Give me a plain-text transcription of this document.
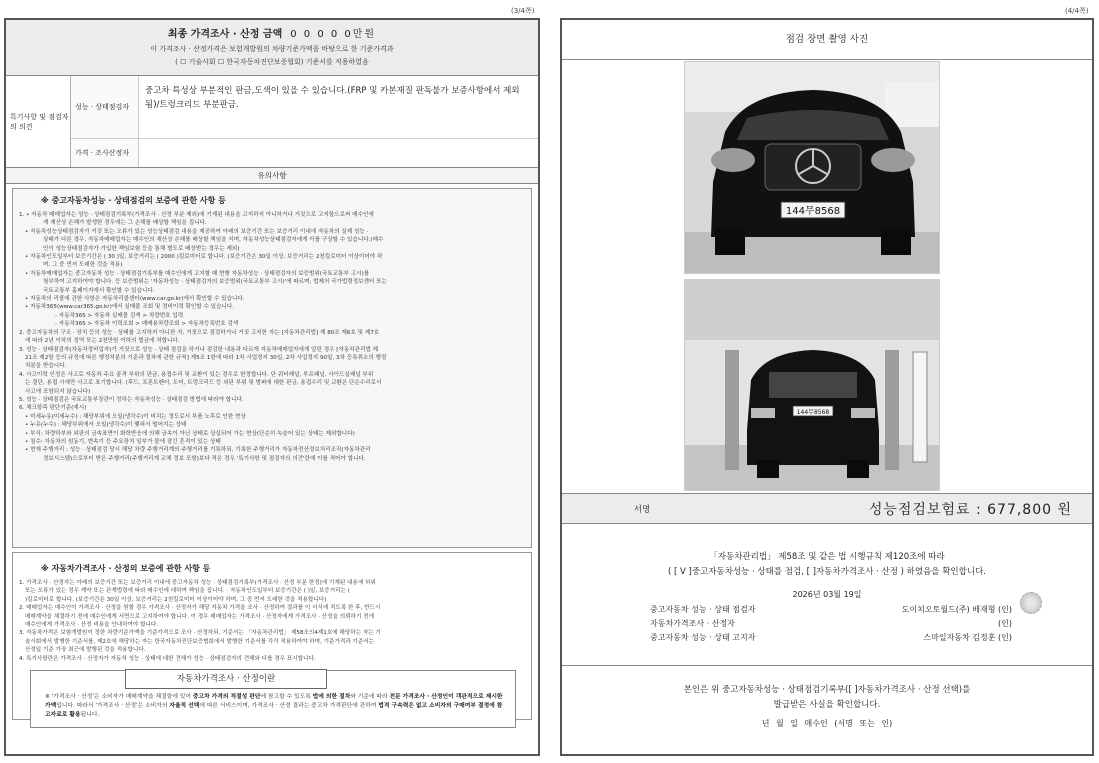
(3/4쪽)
최종 가격조사 · 산정 금액 0 0 0 0 0만원
이 가격조사 · 산정가격은 보험개발원의 차량기준가액을 바탕으로 한 기준가격과
( ☐ 기술사회 ☐ 한국자동차진단보증협회) 기준서를 적용하였음
특기사항 및 점검자의 의견
성능 · 상태점검자
중고차 특성상 부분적인 판금,도색이 있을 수 있습니다.(FRP 및 카본재질 판독불가 보증사항에서 제외됨)/트렁크리드 부분판금.
가격 · 조사산정자
유의사항
※ 중고자동차성능 · 상태점검의 보증에 관한 사항 등

1. • 자동차 매매업자는 성능 · 상태점검기록부(가격조사 · 산정 부분 제외)에 기재된 내용을 고지하지 아니하거나 거짓으로 고지함으로써 매수인에

게 재산상 손해가 발생한 경우에는 그 손해를 배상할 책임을 집니다.

• 자동차성능상태점검자가 거짓 또는 오류가 있는 성능상태점검 내용을 제공하여 아래의 보증기간 또는 보증거리 이내에 자동차의 실제 성능 ·

상태가 다른 경우, 자동차매매업자는 매수인의 재산상 손해를 배상할 책임을 지며, 자동차성능상태점검자에게 이를 구상할 수 있습니다.(매수

인이 성능상태점검자가 가입한 책임보험 등을 통해 별도로 배상받는 경우는 제외)

• 자동차인도일부터 보증기간은 ( 30 )일, 보증거리는 ( 2000 )킬로미터로 합니다. (보증기간은 30일 이상, 보증거리는 2천킬로미터 이상이어야 하

며, 그 중 먼저 도래한 것을 적용)

• 자동차매매업자는 중고자동차 성능 · 상태점검기록부를 매수인에게 고지할 때 현행 자동차성능 · 상태점검자의 보증범위(국토교통부 고시)를

첨부하여 고지하여야 합니다. 등 보증범위는 '자동차성능 · 상태점검자의 보증범위(국토교통부 고시)'에 따르며, 법제처 국가법령정보센터 또는

국토교통부 홈페이지에서 확인할 수 있습니다.

• 자동차의 리콜에 관한 사항은 자동차리콜센터(www.car.go.kr)에서 확인할 수 있습니다.

• 자동차365(www.car365.go.kr)에서 실매물 조회 및 정비이력 확인할 수 있습니다.

- 자동차365 > 자동차 실매물 검색 > 차량번호 입력

- 자동차365 > 자동차 이력조회 > 매매용차량조회 > 자동차등록번호 검색

2. 중고자동차의 구조 · 장치 등의 성능 · 상태를 고지하지 아니한 자, 거짓으로 점검하거나 거짓 고지한 자는 [자동차관리법] 제 80조 제6호 및 제7호

에 따라 2년 이하의 징역 또는 2천만원 이하의 벌금에 처합니다.

3. 성능 · 상태점검자(자동차정비업자)가 거짓으로 성능 · 상태 점검을 하거나 점검한 내용과 다르게 자동차매매업자에게 알린 경우 [자동차관리법 제

21조 제2항 등의 규정에 따른 행정처분의 기준과 절차에 관한 규칙] 제5조 1항에 따라 1차 사업정지 30일, 2차 사업정지 90일, 3차 등록취소의 행정

처분을 받습니다.

4. 사고이력 인정은 사고로 자동차 주요 골격 부위의 판금, 용접수리 및 교환이 있는 경우로 한정합니다. 단 쿼터패널, 루프패널, 사이드실패널 부위

는 절단, 용접 시에만 사고로 표기합니다. (후드, 프론트펜더, 도어, 트렁크리드 등 외판 부위 및 범퍼에 대한 판금, 용접수리 및 교환은 단순수리로서

사고에 포함되지 않습니다)

5. 성능 · 상태점검은 국토교통부장관이 정하는 자동차성능 · 상태점검 방법에 따라야 합니다.

6. 체크항목 판단기준(예시)

• 미세누유(미세누수) : 해당부위에 오일(냉각수)이 비치는 정도로서 부품 노후로 인한 현상

• 누유(누수) : 해당부위에서 오일(냉각수)이 맺혀서 떨어지는 상태

• 부식: 차량하부와 외판의 금속표면이 화학반응에 의해 금속이 아닌 상태로 상실되어 가는 현상(단순히 녹슬어 있는 상태는 제외합니다)

• 침수: 자동차의 원동기, 변속기 등 주요장치 일부가 물에 잠긴 흔적이 있는 상태

• 현재 주행거리 : 성능 · 상태점검 당시 해당 차량 주행거리계의 주행거리를 기록하되, 기록한 주행거리가 자동차전산정보처리조직(자동차관리

정보시스템)으로부터 받은 주행거리(주행거리계 교체 정보 포함)보다 적은 경우 '특기사항 및 점검자의 의견'란에 이를 적어야 합니다.

※ 자동차가격조사 · 산정의 보증에 관한 사항 등

1. 가격조사 · 산정자는 아래의 보증기간 또는 보증거리 이내에 중고자동차 성능 · 상태점검기록부(가격조사 · 산정 부분 한정)에 기재된 내용에 허위

또는 오류가 있는 경우 계약 또는 관계법령에 따라 매수인에 대하여 책임을 집니다. · 자동차인도일부터 보증기간은 ( )일, 보증거리는 (

)킬로미터로 합니다. (보증기간은 30일 이상, 보증거리는 2천킬로미터 이상이어야 하며, 그 중 먼저 도래한 것을 적용합니다)

2. 매매업자는 매수인이 가격조사 · 산정을 원할 경우 가격조사 · 산정자가 해당 자동차 가격을 조사 · 산정하여 결과를 이 서식에 적도록 한 후, 반드시

매매계약을 체결하기 전에 매수인에게 서면으로 고지하여야 합니다. 이 경우 매매업자는 가격조사 · 산정자에게 가격조사 · 산정을 의뢰하기 전에

매수인에게 가격조사 · 산정 비용을 안내하여야 합니다.

3. 자동차가격은 보험개발원이 정한 차량기준가액을 기준가격으로 조사 · 산정하되, 기준서는 「자동차관리법」 제58조의4제1호에 해당하는 자는 기

술사회에서 발행한 기준서를, 제2호에 해당하는 자는 한국자동차진단보증협회에서 발행한 기준서를 각각 적용하여야 하며, 기준가격과 기준서는

산정일 기준 가장 최근에 발행된 것을 적용합니다.

4. 특기사항란은 가격조사 · 산정자가 자동차 성능 · 상태에 대한 견해가 성능 · 상태점검자의 견해와 다를 경우 표시합니다.

자동차가격조사 · 산정이란
※ '가격조사 · 산정'은 소비자가 매매계약을 체결함에 있어 중고차 가격의 적절성 판단에 참고할 수 있도록 법에 의한 절차와 기준에 따라 전문 가격조사 · 산정인이 객관적으로 제시한 가액입니다. 따라서 '가격조사 · 산정'은 소비자의 자율적 선택에 따른 서비스이며, 가격조사 · 산정 결과는 중고차 가격판단에 관하여 법적 구속력은 없고 소비자의 구매여부 결정에 참고자료로 활용됩니다.
(4/4쪽)
점검 장면 촬영 사진
144무8568
144무8568
서명	성능점검보험료 : 677,800 원
「자동차관리법」 제58조 및 같은 법 시행규칙 제120조에 따라
( [ V ]중고자동차성능 · 상태를 점검, [ ]자동차가격조사 · 산정 ) 하였음을 확인합니다.
2026년 03월 19일
중고자동차 성능 · 상태 점검자	도이치오토월드(주) 배재형 (인)
자동차가격조사 · 산정자	(인)
중고자동차 성능 · 상태 고지자	스마일자동차 김정훈 (인)
본인은 위 중고자동차성능 · 상태점검기록부([ ]자동차가격조사 · 산정 선택)를
발급받은 사실을 확인합니다.
년 월 일 매수인 (서명 또는 인)
